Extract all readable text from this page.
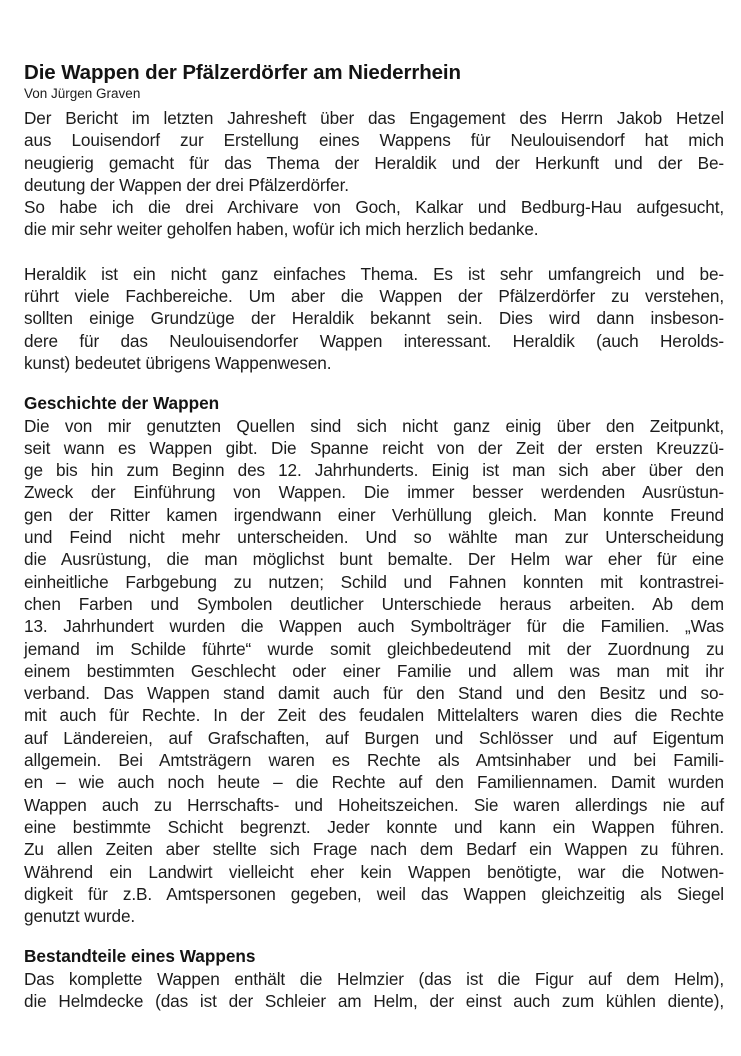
Die Wappen der Pfälzerdörfer am Niederrhein

Von Jürgen Graven

Der Bericht im letzten Jahresheft über das Engagement des Herrn Jakob Hetzel
aus Louisendorf zur Erstellung eines Wappens für Neulouisendorf hat mich
neugierig gemacht für das Thema der Heraldik und der Herkunft und der Be-
deutung der Wappen der drei Pfälzerdörfer.
So habe ich die drei Archivare von Goch, Kalkar und Bedburg-Hau aufgesucht,
die mir sehr weiter geholfen haben, wofür ich mich herzlich bedanke.
Heraldik ist ein nicht ganz einfaches Thema. Es ist sehr umfangreich und be-
rührt viele Fachbereiche. Um aber die Wappen der Pfälzerdörfer zu verstehen,
sollten einige Grundzüge der Heraldik bekannt sein. Dies wird dann insbeson-
dere für das Neulouisendorfer Wappen interessant. Heraldik (auch Herolds-
kunst) bedeutet übrigens Wappenwesen.
Geschichte der Wappen
Die von mir genutzten Quellen sind sich nicht ganz einig über den Zeitpunkt,
seit wann es Wappen gibt. Die Spanne reicht von der Zeit der ersten Kreuzzü-
ge bis hin zum Beginn des 12. Jahrhunderts. Einig ist man sich aber über den
Zweck der Einführung von Wappen. Die immer besser werdenden Ausrüstun-
gen der Ritter kamen irgendwann einer Verhüllung gleich. Man konnte Freund
und Feind nicht mehr unterscheiden. Und so wählte man zur Unterscheidung
die Ausrüstung, die man möglichst bunt bemalte. Der Helm war eher für eine
einheitliche Farbgebung zu nutzen; Schild und Fahnen konnten mit kontrastrei-
chen Farben und Symbolen deutlicher Unterschiede heraus arbeiten. Ab dem
13. Jahrhundert wurden die Wappen auch Symbolträger für die Familien. „Was
jemand im Schilde führte“ wurde somit gleichbedeutend mit der Zuordnung zu
einem bestimmten Geschlecht oder einer Familie und allem was man mit ihr
verband. Das Wappen stand damit auch für den Stand und den Besitz und so-
mit auch für Rechte. In der Zeit des feudalen Mittelalters waren dies die Rechte
auf Ländereien, auf Grafschaften, auf Burgen und Schlösser und auf Eigentum
allgemein. Bei Amtsträgern waren es Rechte als Amtsinhaber und bei Famili-
en – wie auch noch heute – die Rechte auf den Familiennamen. Damit wurden
Wappen auch zu Herrschafts- und Hoheitszeichen. Sie waren allerdings nie auf
eine bestimmte Schicht begrenzt. Jeder konnte und kann ein Wappen führen.
Zu allen Zeiten aber stellte sich Frage nach dem Bedarf ein Wappen zu führen.
Während ein Landwirt vielleicht eher kein Wappen benötigte, war die Notwen-
digkeit für z.B. Amtspersonen gegeben, weil das Wappen gleichzeitig als Siegel
genutzt wurde.
Bestandteile eines Wappens
Das komplette Wappen enthält die Helmzier (das ist die Figur auf dem Helm),
die Helmdecke (das ist der Schleier am Helm, der einst auch zum kühlen diente),
